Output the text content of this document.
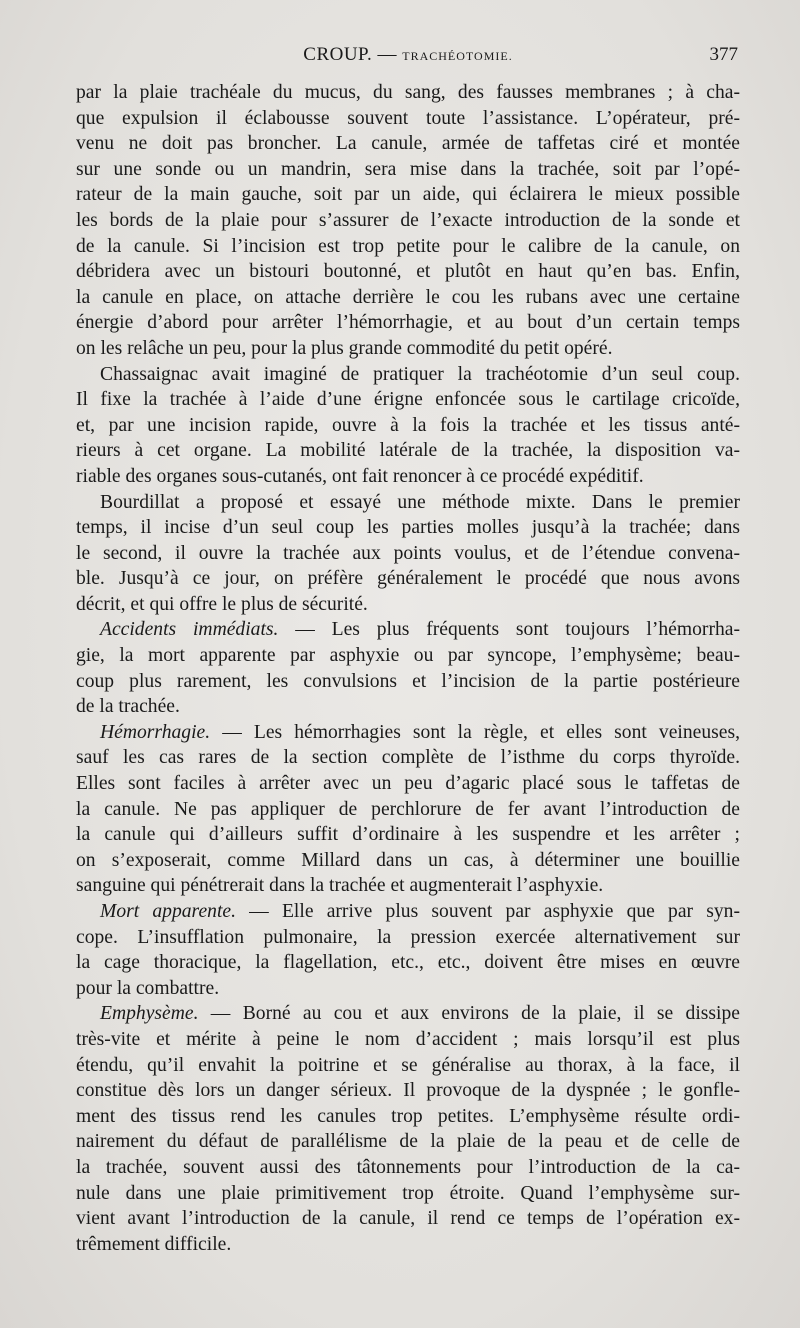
CROUP. — TRACHÉOTOMIE.	377
par la plaie trachéale du mucus, du sang, des fausses membranes ; à cha-
que expulsion il éclabousse souvent toute l’assistance. L’opérateur, pré-
venu ne doit pas broncher. La canule, armée de taffetas ciré et montée
sur une sonde ou un mandrin, sera mise dans la trachée, soit par l’opé-
rateur de la main gauche, soit par un aide, qui éclairera le mieux possible
les bords de la plaie pour s’assurer de l’exacte introduction de la sonde et
de la canule. Si l’incision est trop petite pour le calibre de la canule, on
débridera avec un bistouri boutonné, et plutôt en haut qu’en bas. Enfin,
la canule en place, on attache derrière le cou les rubans avec une certaine
énergie d’abord pour arrêter l’hémorrhagie, et au bout d’un certain temps
on les relâche un peu, pour la plus grande commodité du petit opéré.
Chassaignac avait imaginé de pratiquer la trachéotomie d’un seul coup.
Il fixe la trachée à l’aide d’une érigne enfoncée sous le cartilage cricoïde,
et, par une incision rapide, ouvre à la fois la trachée et les tissus anté-
rieurs à cet organe. La mobilité latérale de la trachée, la disposition va-
riable des organes sous-cutanés, ont fait renoncer à ce procédé expéditif.
Bourdillat a proposé et essayé une méthode mixte. Dans le premier
temps, il incise d’un seul coup les parties molles jusqu’à la trachée; dans
le second, il ouvre la trachée aux points voulus, et de l’étendue convena-
ble. Jusqu’à ce jour, on préfère généralement le procédé que nous avons
décrit, et qui offre le plus de sécurité.
Accidents immédiats. — Les plus fréquents sont toujours l’hémorrha-
gie, la mort apparente par asphyxie ou par syncope, l’emphysème; beau-
coup plus rarement, les convulsions et l’incision de la partie postérieure
de la trachée.
Hémorrhagie. — Les hémorrhagies sont la règle, et elles sont veineuses,
sauf les cas rares de la section complète de l’isthme du corps thyroïde.
Elles sont faciles à arrêter avec un peu d’agaric placé sous le taffetas de
la canule. Ne pas appliquer de perchlorure de fer avant l’introduction de
la canule qui d’ailleurs suffit d’ordinaire à les suspendre et les arrêter ;
on s’exposerait, comme Millard dans un cas, à déterminer une bouillie
sanguine qui pénétrerait dans la trachée et augmenterait l’asphyxie.
Mort apparente. — Elle arrive plus souvent par asphyxie que par syn-
cope. L’insufflation pulmonaire, la pression exercée alternativement sur
la cage thoracique, la flagellation, etc., etc., doivent être mises en œuvre
pour la combattre.
Emphysème. — Borné au cou et aux environs de la plaie, il se dissipe
très-vite et mérite à peine le nom d’accident ; mais lorsqu’il est plus
étendu, qu’il envahit la poitrine et se généralise au thorax, à la face, il
constitue dès lors un danger sérieux. Il provoque de la dyspnée ; le gonfle-
ment des tissus rend les canules trop petites. L’emphysème résulte ordi-
nairement du défaut de parallélisme de la plaie de la peau et de celle de
la trachée, souvent aussi des tâtonnements pour l’introduction de la ca-
nule dans une plaie primitivement trop étroite. Quand l’emphysème sur-
vient avant l’introduction de la canule, il rend ce temps de l’opération ex-
trêmement difficile.
